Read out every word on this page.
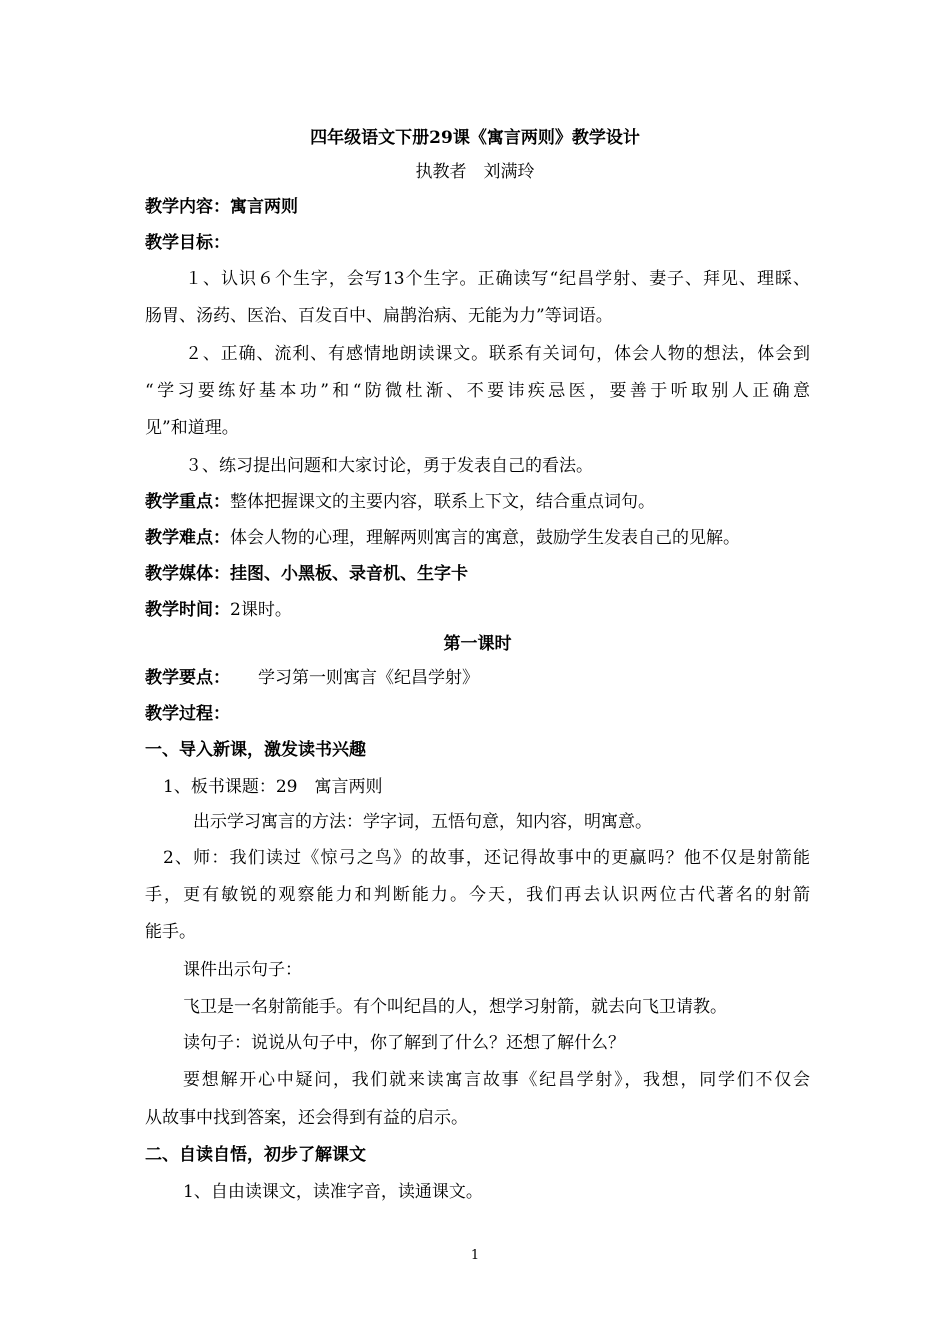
四年级语文下册29课《寓言两则》教学设计
执教者　刘满玲
教学内容：寓言两则
教学目标：
１、认识６个生字，会写13个生字。正确读写“纪昌学射、妻子、拜见、理睬、
肠胃、汤药、医治、百发百中、扁鹊治病、无能为力”等词语。
２、正确、流利、有感情地朗读课文。联系有关词句，体会人物的想法，体会到
“学习要练好基本功”和“防微杜渐、不要讳疾忌医，要善于听取别人正确意
见”和道理。
３、练习提出问题和大家讨论，勇于发表自己的看法。
教学重点：整体把握课文的主要内容，联系上下文，结合重点词句。
教学难点：体会人物的心理，理解两则寓言的寓意，鼓励学生发表自己的见解。
教学媒体：挂图、小黑板、录音机、生字卡
教学时间：2课时。
第一课时
教学要点： 学习第一则寓言《纪昌学射》
教学过程：
一、导入新课，激发读书兴趣
1、板书课题：29　寓言两则
出示学习寓言的方法：学字词，五悟句意，知内容，明寓意。
2、师：我们读过《惊弓之鸟》的故事，还记得故事中的更赢吗？他不仅是射箭能
手，更有敏锐的观察能力和判断能力。今天，我们再去认识两位古代著名的射箭
能手。
课件出示句子：
飞卫是一名射箭能手。有个叫纪昌的人，想学习射箭，就去向飞卫请教。
读句子：说说从句子中，你了解到了什么？还想了解什么？
要想解开心中疑问，我们就来读寓言故事《纪昌学射》，我想，同学们不仅会
从故事中找到答案，还会得到有益的启示。
二、自读自悟，初步了解课文
1、自由读课文，读准字音，读通课文。
1
